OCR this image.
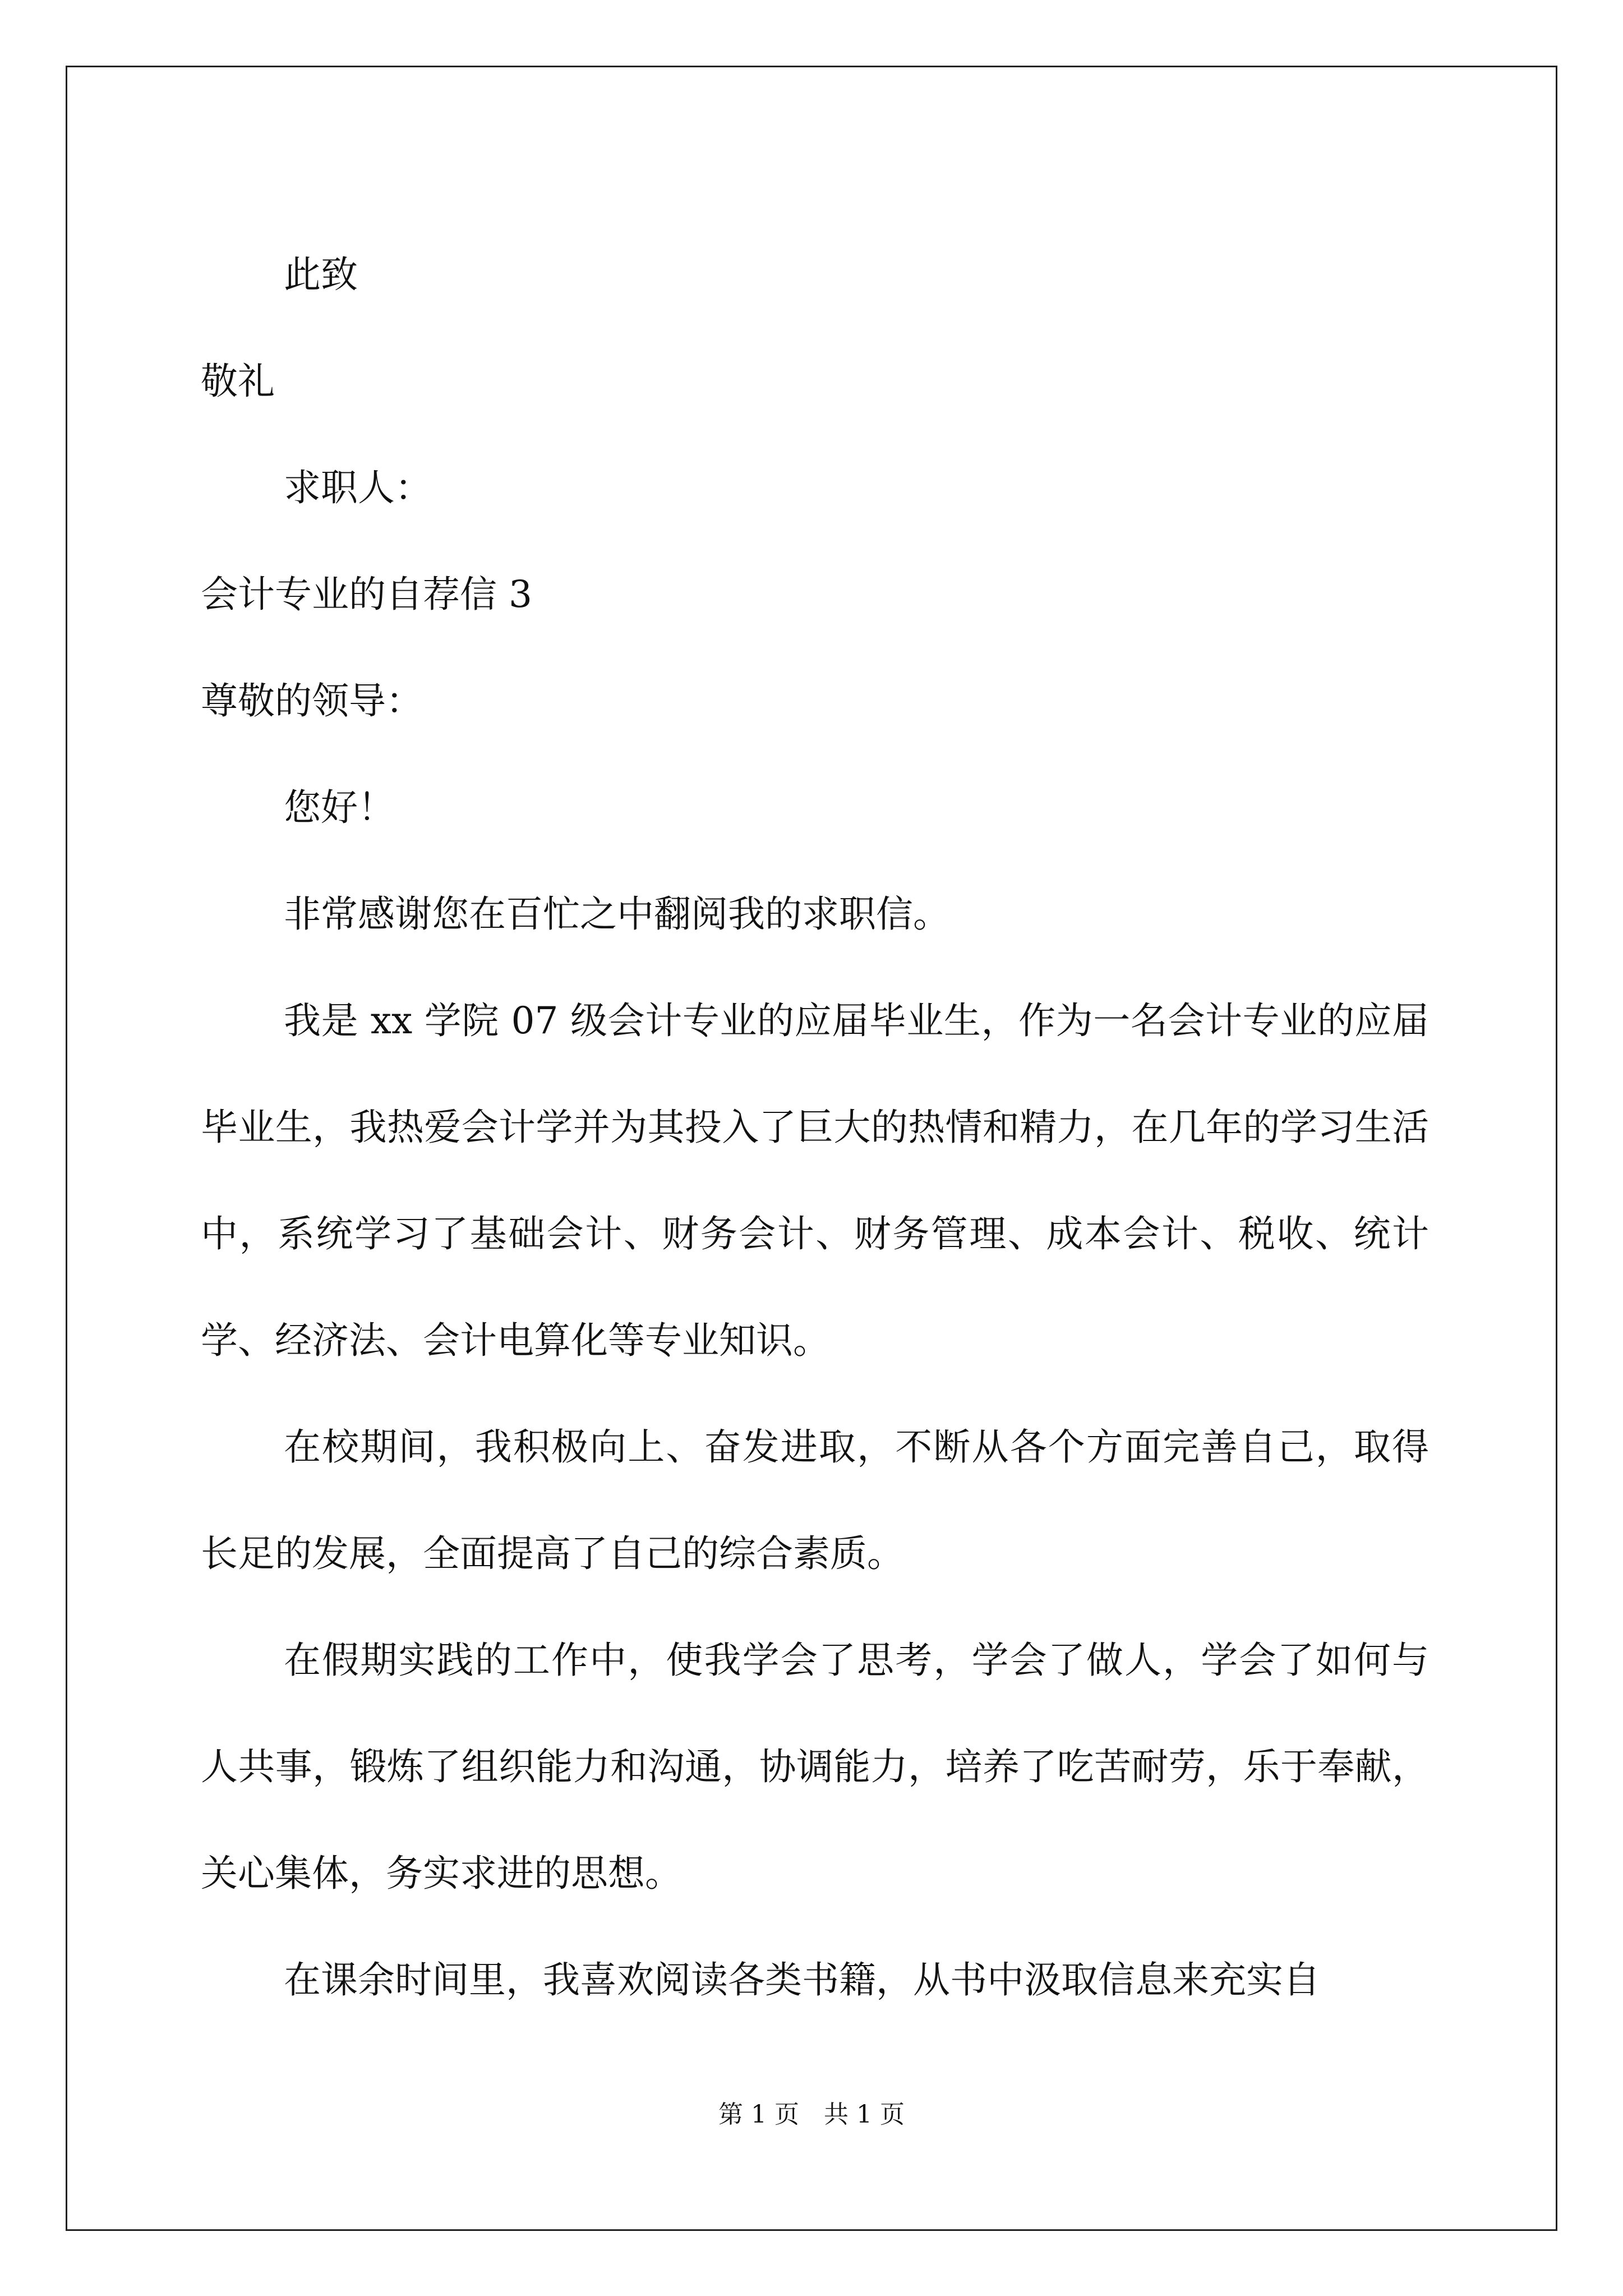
此致
敬礼
求职人：
会计专业的自荐信 3
尊敬的领导：
您好！

非常感谢您在百忙之中翻阅我的求职信。

我是 xx 学院 07 级会计专业的应届毕业生，作为一名会计专业的应届毕业生，我热爱会计学并为其投入了巨大的热情和精力，在几年的学习生活中，系统学习了基础会计、财务会计、财务管理、成本会计、税收、统计学、经济法、会计电算化等专业知识。

在校期间，我积极向上、奋发进取，不断从各个方面完善自己，取得长足的发展，全面提高了自己的综合素质。

在假期实践的工作中，使我学会了思考，学会了做人，学会了如何与人共事，锻炼了组织能力和沟通，协调能力，培养了吃苦耐劳，乐于奉献，关心集体，务实求进的思想。

在课余时间里，我喜欢阅读各类书籍，从书中汲取信息来充实自

第 1 页　共 1 页
